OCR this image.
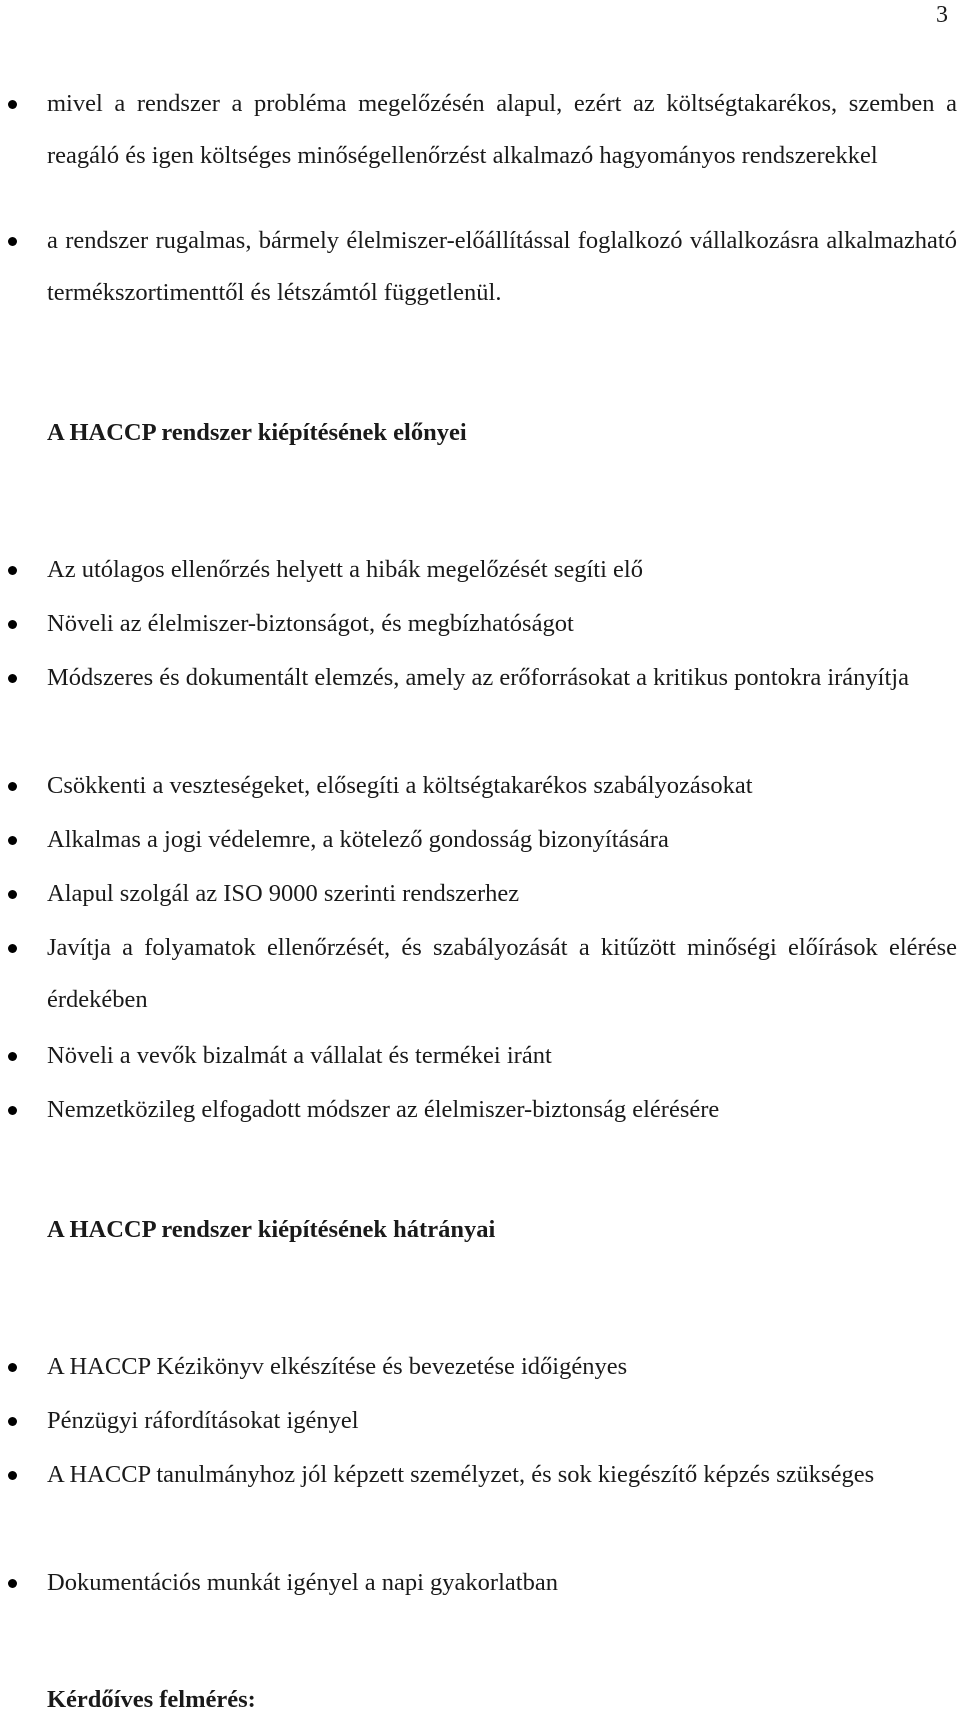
3
mivel a rendszer a probléma megelőzésén alapul, ezért az költségtakarékos, szemben a reagáló és igen költséges minőségellenőrzést alkalmazó hagyományos rendszerekkel
a rendszer rugalmas, bármely élelmiszer-előállítással foglalkozó vállalkozásra alkalmazható termékszortimenttől és létszámtól függetlenül.
A HACCP rendszer kiépítésének előnyei
Az utólagos ellenőrzés helyett a hibák megelőzését segíti elő
Növeli az élelmiszer-biztonságot, és megbízhatóságot
Módszeres és dokumentált elemzés, amely az erőforrásokat a kritikus pontokra irányítja
Csökkenti a veszteségeket, elősegíti a költségtakarékos szabályozásokat
Alkalmas a jogi védelemre, a kötelező gondosság bizonyítására
Alapul szolgál az ISO 9000 szerinti rendszerhez
Javítja a folyamatok ellenőrzését, és szabályozását a kitűzött minőségi előírások elérése érdekében
Növeli a vevők bizalmát a vállalat és termékei iránt
Nemzetközileg elfogadott módszer az élelmiszer-biztonság elérésére
A HACCP rendszer kiépítésének hátrányai
A HACCP Kézikönyv elkészítése és bevezetése időigényes
Pénzügyi ráfordításokat igényel
A HACCP tanulmányhoz jól képzett személyzet, és sok kiegészítő képzés szükséges
Dokumentációs munkát igényel a napi gyakorlatban
Kérdőíves felmérés:
